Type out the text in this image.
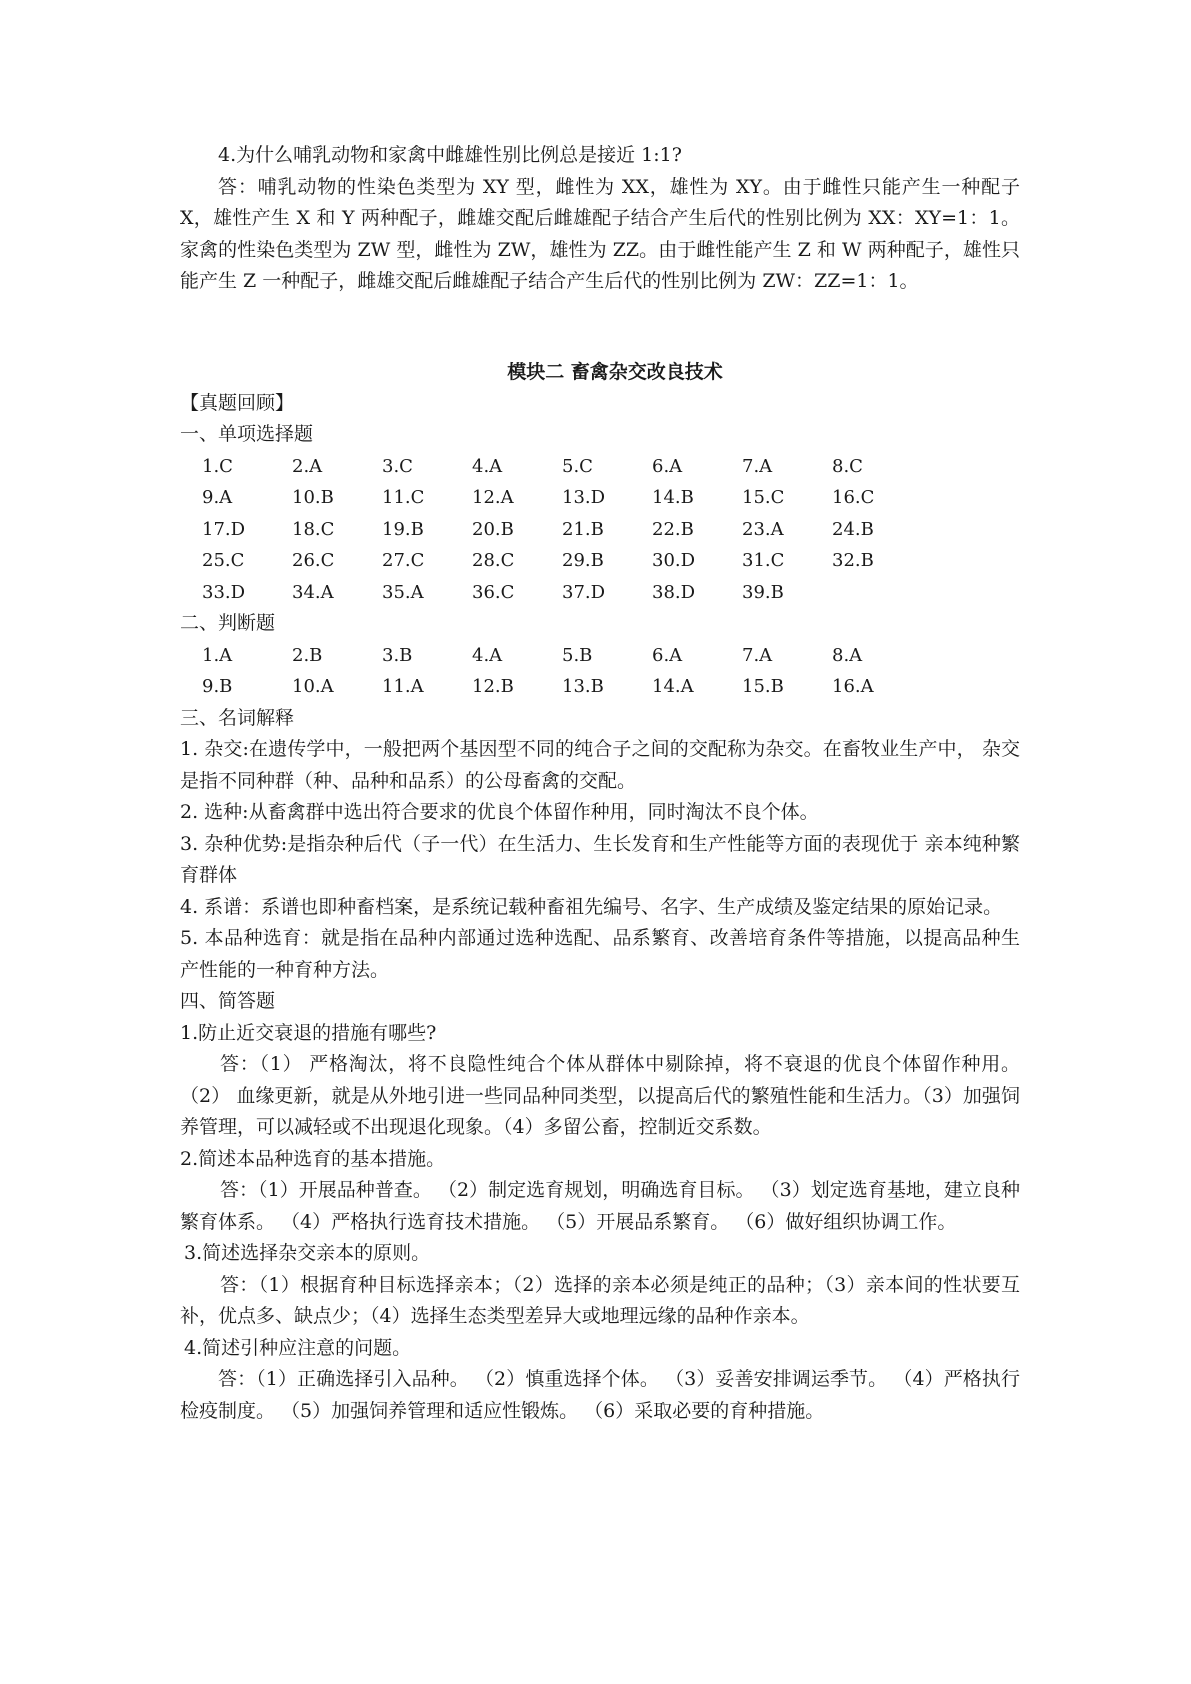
4.为什么哺乳动物和家禽中雌雄性别比例总是接近 1:1?
答：哺乳动物的性染色类型为 XY 型，雌性为 XX，雄性为 XY。由于雌性只能产生一种配子 X，雄性产生 X 和 Y 两种配子，雌雄交配后雌雄配子结合产生后代的性别比例为 XX：XY=1：1。家禽的性染色类型为 ZW 型，雌性为 ZW，雄性为 ZZ。由于雌性能产生 Z 和 W 两种配子，雄性只能产生 Z 一种配子，雌雄交配后雌雄配子结合产生后代的性别比例为 ZW：ZZ=1：1。
模块二 畜禽杂交改良技术
【真题回顾】
一、单项选择题
1.C	2.A	3.C	4.A	5.C	6.A	7.A	8.C
9.A	10.B	11.C	12.A	13.D	14.B	15.C	16.C
17.D	18.C	19.B	20.B	21.B	22.B	23.A	24.B
25.C	26.C	27.C	28.C	29.B	30.D	31.C	32.B
33.D	34.A	35.A	36.C	37.D	38.D	39.B
二、判断题
1.A	2.B	3.B	4.A	5.B	6.A	7.A	8.A
9.B	10.A	11.A	12.B	13.B	14.A	15.B	16.A
三、名词解释
1. 杂交:在遗传学中，一般把两个基因型不同的纯合子之间的交配称为杂交。在畜牧业生产中， 杂交是指不同种群（种、品种和品系）的公母畜禽的交配。
2. 选种:从畜禽群中选出符合要求的优良个体留作种用，同时淘汰不良个体。
3. 杂种优势:是指杂种后代（子一代）在生活力、生长发育和生产性能等方面的表现优于 亲本纯种繁育群体
4. 系谱：系谱也即种畜档案，是系统记载种畜祖先编号、名字、生产成绩及鉴定结果的原始记录。
5. 本品种选育：就是指在品种内部通过选种选配、品系繁育、改善培育条件等措施，以提高品种生产性能的一种育种方法。
四、简答题
1.防止近交衰退的措施有哪些?
答：（1） 严格淘汰，将不良隐性纯合个体从群体中剔除掉，将不衰退的优良个体留作种用。 （2） 血缘更新，就是从外地引进一些同品种同类型，以提高后代的繁殖性能和生活力。（3）加强饲养管理，可以减轻或不出现退化现象。（4）多留公畜，控制近交系数。
2.简述本品种选育的基本措施。
答：（1）开展品种普查。 （2）制定选育规划，明确选育目标。 （3）划定选育基地，建立良种繁育体系。 （4）严格执行选育技术措施。 （5）开展品系繁育。 （6）做好组织协调工作。
3.简述选择杂交亲本的原则。
答：（1）根据育种目标选择亲本；（2）选择的亲本必须是纯正的品种；（3）亲本间的性状要互补，优点多、缺点少；（4）选择生态类型差异大或地理远缘的品种作亲本。
4.简述引种应注意的问题。
答：（1）正确选择引入品种。 （2）慎重选择个体。 （3）妥善安排调运季节。 （4）严格执行检疫制度。 （5）加强饲养管理和适应性锻炼。 （6）采取必要的育种措施。
